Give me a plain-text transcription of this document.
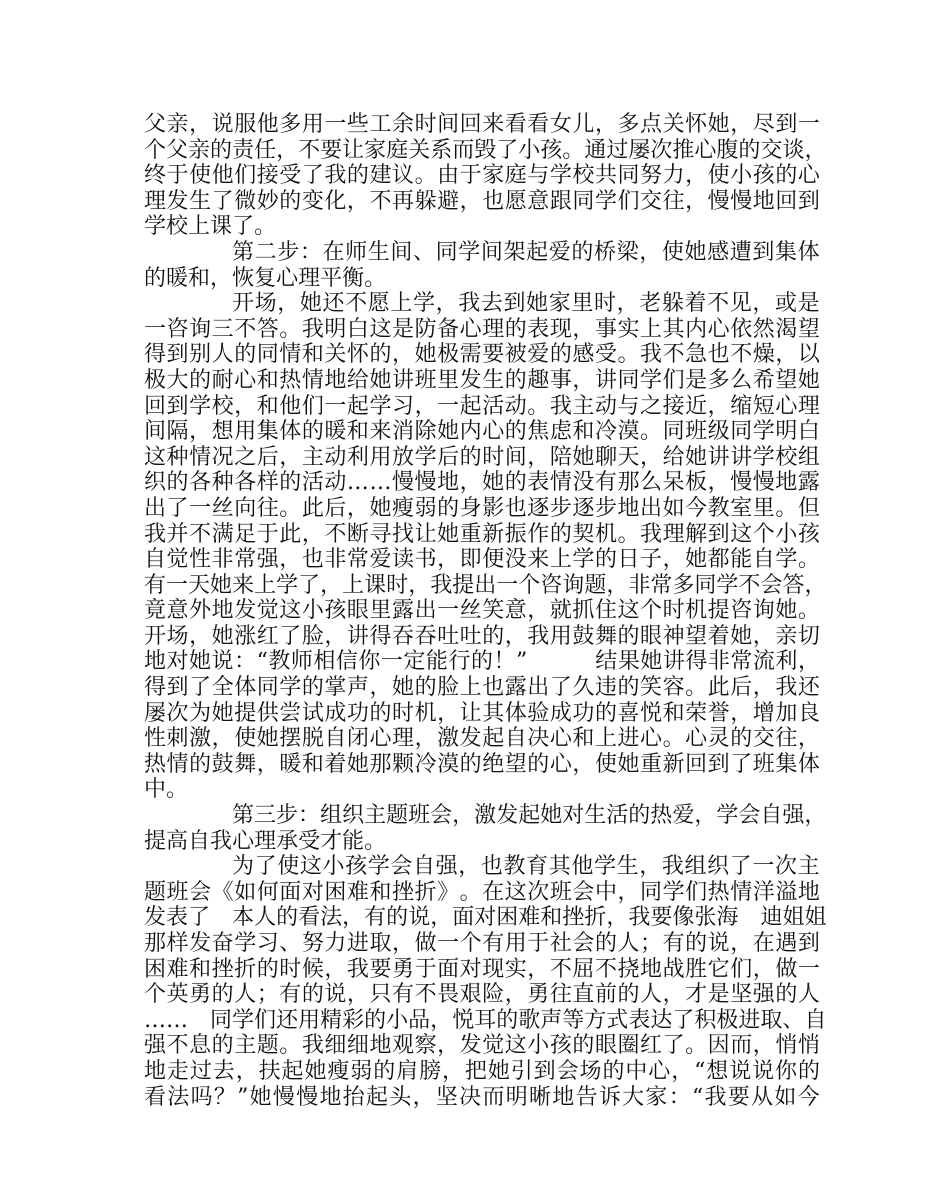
父 亲 ， 说 服 他 多 用 一 些 工 余 时 间 回 来 看 看 女 儿 ， 多 点 关 怀 她 ， 尽 到 一
个 父 亲 的 责 任 ， 不 要 让 家 庭 关 系 而 毁 了 小 孩 。 通 过 屡 次 推 心 腹 的 交 谈 ，
终 于 使 他 们 接 受 了 我 的 建 议 。 由 于 家 庭 与 学 校 共 同 努 力 ， 使 小 孩 的 心
理 发 生 了 微 妙 的 变 化 ， 不 再 躲 避 ， 也 愿 意 跟 同 学 们 交 往 ， 慢 慢 地 回 到
学 校 上 课 了 。
第 二 步 ： 在 师 生 间 、 同 学 间 架 起 爱 的 桥 梁 ， 使 她 感 遭 到 集 体
的 暖 和 ， 恢 复 心 理 平 衡 。
开 场 ， 她 还 不 愿 上 学 ， 我 去 到 她 家 里 时 ， 老 躲 着 不 见 ， 或 是
一 咨 询 三 不 答 。 我 明 白 这 是 防 备 心 理 的 表 现 ， 事 实 上 其 内 心 依 然 渴 望
得 到 别 人 的 同 情 和 关 怀 的 ， 她 极 需 要 被 爱 的 感 受 。 我 不 急 也 不 燥 ， 以
极 大 的 耐 心 和 热 情 地 给 她 讲 班 里 发 生 的 趣 事 ， 讲 同 学 们 是 多 么 希 望 她
回 到 学 校 ， 和 他 们 一 起 学 习 ， 一 起 活 动 。 我 主 动 与 之 接 近 ， 缩 短 心 理
间 隔 ， 想 用 集 体 的 暖 和 来 消 除 她 内 心 的 焦 虑 和 冷 漠 。 同 班 级 同 学 明 白
这 种 情 况 之 后 ， 主 动 利 用 放 学 后 的 时 间 ， 陪 她 聊 天 ， 给 她 讲 讲 学 校 组
织 的 各 种 各 样 的 活 动 … … 慢 慢 地 ， 她 的 表 情 没 有 那 么 呆 板 ， 慢 慢 地 露
出 了 一 丝 向 往 。 此 后 ， 她 瘦 弱 的 身 影 也 逐 步 逐 步 地 出 如 今 教 室 里 。 但
我 并 不 满 足 于 此 ， 不 断 寻 找 让 她 重 新 振 作 的 契 机 。 我 理 解 到 这 个 小 孩
自 觉 性 非 常 强 ， 也 非 常 爱 读 书 ， 即 便 没 来 上 学 的 日 子 ， 她 都 能 自 学 。
有 一 天 她 来 上 学 了 ， 上 课 时 ， 我 提 出 一 个 咨 询 题 ， 非 常 多 同 学 不 会 答 ，
竟 意 外 地 发 觉 这 小 孩 眼 里 露 出 一 丝 笑 意 ， 就 抓 住 这 个 时 机 提 咨 询 她 。
开 场 ， 她 涨 红 了 脸 ， 讲 得 吞 吞 吐 吐 的 ， 我 用 鼓 舞 的 眼 神 望 着 她 ， 亲 切
地 对 她 说 ： “ 教 师 相 信 你 一 定 能 行 的 ！ ”

　	结 果 她 讲 得 非 常 流 利 ，
得 到 了 全 体 同 学 的 掌 声 ， 她 的 脸 上 也 露 出 了 久 违 的 笑 容 。 此 后 ， 我 还
屡 次 为 她 提 供 尝 试 成 功 的 时 机 ， 让 其 体 验 成 功 的 喜 悦 和 荣 誉 ， 增 加 良
性 刺 激 ， 使 她 摆 脱 自 闭 心 理 ， 激 发 起 自 决 心 和 上 进 心 。 心 灵 的 交 往 ，
热 情 的 鼓 舞 ， 暖 和 着 她 那 颗 冷 漠 的 绝 望 的 心 ， 使 她 重 新 回 到 了 班 集 体
中 。
第 三 步 ： 组 织 主 题 班 会 ， 激 发 起 她 对 生 活 的 热 爱 ， 学 会 自 强 ，
提 高 自 我 心 理 承 受 才 能 。
为 了 使 这 小 孩 学 会 自 强 ， 也 教 育 其 他 学 生 ， 我 组 织 了 一 次 主
题 班 会 《 如 何 面 对 困 难 和 挫 折 》 。 在 这 次 班 会 中 ， 同 学 们 热 情 洋 溢 地
发 表 了
　 本 人 的 看 法 ， 有 的 说 ， 面 对 困 难 和 挫 折 ， 我 要 像 张 海
　 迪 姐 姐
那 样 发 奋 学 习 、 努 力 进 取 ， 做 一 个 有 用 于 社 会 的 人 ； 有 的 说 ， 在 遇 到
困 难 和 挫 折 的 时 候 ， 我 要 勇 于 面 对 现 实 ， 不 屈 不 挠 地 战 胜 它 们 ， 做 一
个 英 勇 的 人 ； 有 的 说 ， 只 有 不 畏 艰 险 ， 勇 往 直 前 的 人 ， 才 是 坚 强 的 人
… …
　 同 学 们 还 用 精 彩 的 小 品 ， 悦 耳 的 歌 声 等 方 式 表 达 了 积 极 进 取 、 自
强 不 息 的 主 题 。 我 细 细 地 观 察 ， 发 觉 这 小 孩 的 眼 圈 红 了 。 因 而 ， 悄 悄
地 走 过 去 ， 扶 起 她 瘦 弱 的 肩 膀 ， 把 她 引 到 会 场 的 中 心 ， “ 想 说 说 你 的
看 法 吗 ？ ” 她 慢 慢 地 抬 起 头 ， 坚 决 而 明 晰 地 告 诉 大 家 ： “ 我 要 从 如 今
